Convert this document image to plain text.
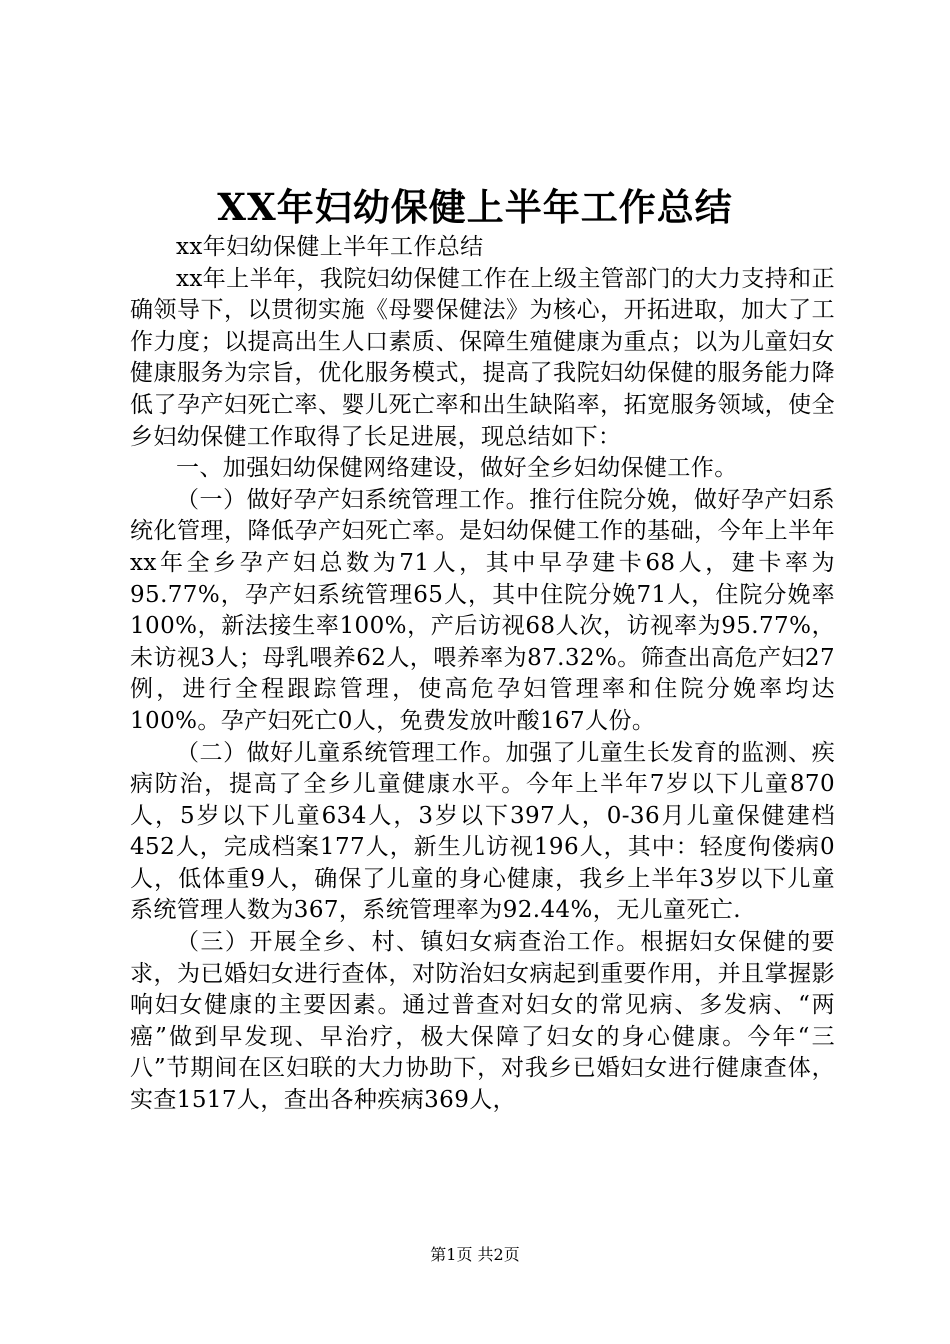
XX年妇幼保健上半年工作总结

xx年妇幼保健上半年工作总结

xx年上半年，我院妇幼保健工作在上级主管部门的大力支持和正确领导下，以贯彻实施《母婴保健法》为核心，开拓进取，加大了工作力度；以提高出生人口素质、保障生殖健康为重点；以为儿童妇女健康服务为宗旨，优化服务模式，提高了我院妇幼保健的服务能力降低了孕产妇死亡率、婴儿死亡率和出生缺陷率，拓宽服务领域，使全乡妇幼保健工作取得了长足进展，现总结如下：

一、加强妇幼保健网络建设，做好全乡妇幼保健工作。

（一）做好孕产妇系统管理工作。推行住院分娩，做好孕产妇系统化管理，降低孕产妇死亡率。是妇幼保健工作的基础，今年上半年xx年全乡孕产妇总数为71人，其中早孕建卡68人，建卡率为95.77%，孕产妇系统管理65人，其中住院分娩71人，住院分娩率100%，新法接生率100%，产后访视68人次，访视率为95.77%，未访视3人；母乳喂养62人，喂养率为87.32%。筛查出高危产妇27例，进行全程跟踪管理，使高危孕妇管理率和住院分娩率均达100%。孕产妇死亡0人，免费发放叶酸167人份。

（二）做好儿童系统管理工作。加强了儿童生长发育的监测、疾病防治，提高了全乡儿童健康水平。今年上半年7岁以下儿童870人，5岁以下儿童634人，3岁以下397人，0-36月儿童保健建档452人，完成档案177人，新生儿访视196人，其中：轻度佝偻病0人，低体重9人，确保了儿童的身心健康，我乡上半年3岁以下儿童系统管理人数为367，系统管理率为92.44%，无儿童死亡.

（三）开展全乡、村、镇妇女病查治工作。根据妇女保健的要求，为已婚妇女进行查体，对防治妇女病起到重要作用，并且掌握影响妇女健康的主要因素。通过普查对妇女的常见病、多发病、“两癌”做到早发现、早治疗，极大保障了妇女的身心健康。今年“三八”节期间在区妇联的大力协助下，对我乡已婚妇女进行健康查体，实查1517人，查出各种疾病369人，

第1页 共2页
